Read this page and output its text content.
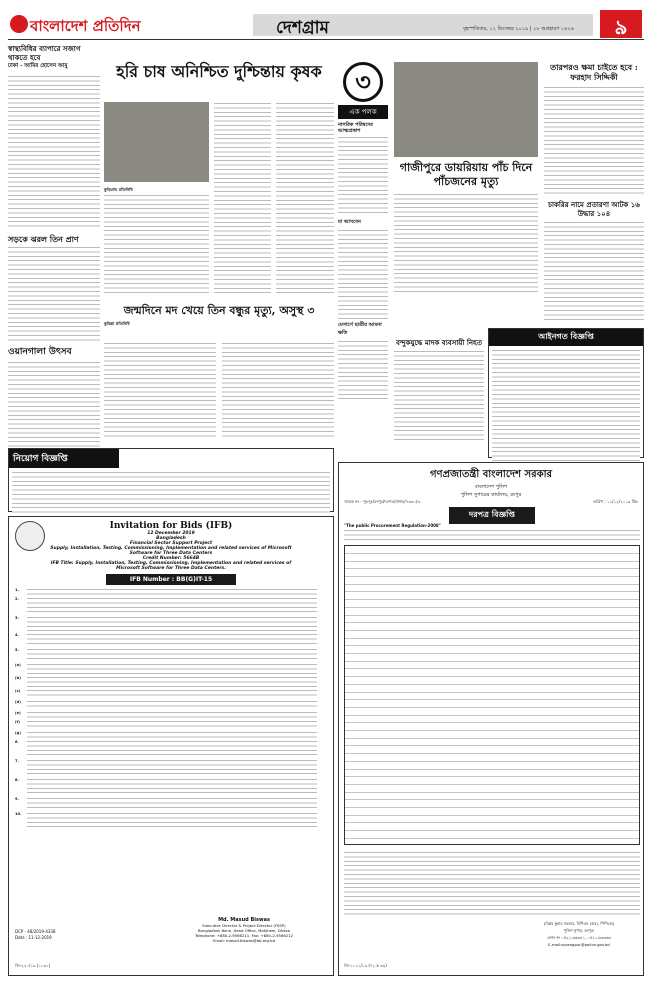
বাংলাদেশ প্রতিদিন	দেশগ্রাম	বৃহস্পতিবার, ১২ ডিসেম্বর ২০১৯ | ২৮ অগ্রহায়ণ ১৪২৬	৯
স্বাস্থ্যবিধির ব্যাপারে সজাগ থাকতে হবে
ঢাকা - আমির হোসেন আমু
সড়কে ঝরল তিন প্রাণ
ওয়ানগালা উৎসব
হরি চাষ অনিশ্চিত দুশ্চিন্তায় কৃষক
কুড়িগ্রাম প্রতিনিধি
৩
এক পলক
নাগরিক পরিষদের আত্মপ্রকাশ
মা আসবেন
মেসার্সে ছাত্রীর আমনা ক্ষতি
গাজীপুরে ডায়রিয়ায় পাঁচ দিনে পাঁচজনের মৃত্যু
তারপরও ক্ষমা চাইতে হবে : ফরহাদ সিদ্দিকী
চাকরির নামে প্রতারণা আটক ১৬ উদ্ধার ১০৪
জন্মদিনে মদ খেয়ে তিন বন্ধুর মৃত্যু, অসুস্থ ৩
কুমিল্লা প্রতিনিধি
বন্দুকযুদ্ধে মাদক ব্যবসায়ী নিহত
আইনগত বিজ্ঞপ্তি
নিয়োগ বিজ্ঞপ্তি
Invitation for Bids (IFB)
12 December 2019
Bangladesh
Financial Sector Support Project
Supply, Installation, Testing, Commissioning, Implementation and related services of Microsoft Software for Three Data Centers
Credit Number: 5664B
IFB Title: Supply, Installation, Testing, Commissioning, Implementation and related services of Microsoft Software for Three Data Centers.
IFB Number : BB(G)IT-15
1.
2.
3.
4.
5.
(a)
(b)
(c)
(d)
(e)
(f)
(g)
6.
7.
8.
9.
10.
DCP - 48/2019-4338
Date : 11-12-2019
Md. Masud Biswas
Executive Director & Project Director (FSSP)
Bangladesh Bank, Head Office, Motijheel, Dhaka
Telephone: +880-2-9566211, Fax: +880-2-9566212
Email: masud.biswas@bb.org.bd
জি-২২০/১৯ (১০৩১)
গণপ্রজাতন্ত্রী বাংলাদেশ সরকার
বাংলাদেশ পুলিশ
পুলিশ সুপারের কার্যালয়, রংপুর
স্মারক নং - পুঃসুঃ/রংপুর/দরপত্র/প্রশাঃ/৭৩৩০/৩	তারিখ : ১১/১২/২০১৯ খ্রিঃ
দরপত্র বিজ্ঞপ্তি
"The public Procurement Regulation-2008"
(বিপ্লব কুমার সরকার, বিপিএম (বার), পিপিএম)
পুলিশ সুপার, রংপুর।
ফোন নং ০৫২১-৬৬৩৪১, ০৫২১-৬৩৩৬৩
E-mail:sprangpur@police.gov.bd
জি-১০১১/১৯ (৭২ x ৩৯)
